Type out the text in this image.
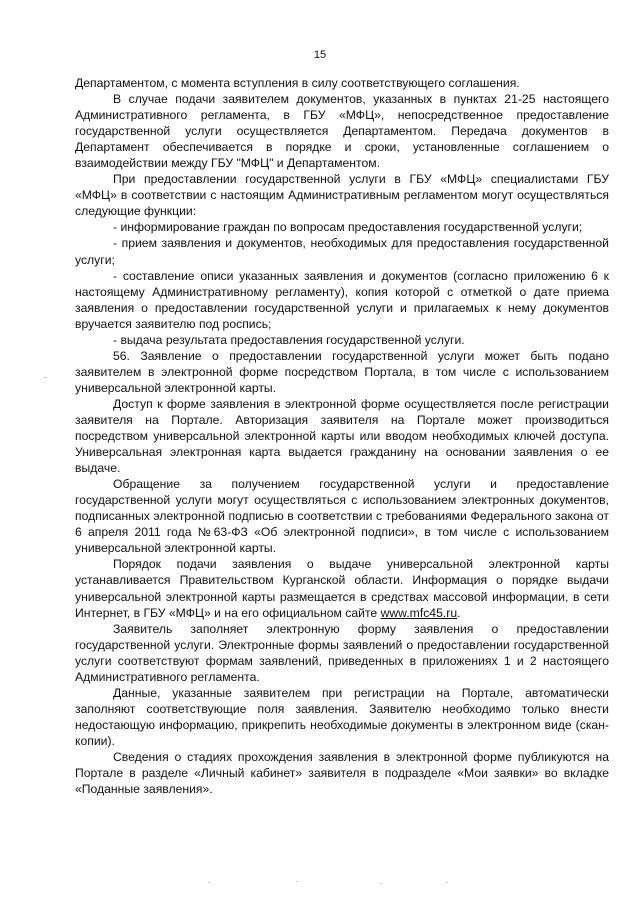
15

Департаментом, с момента вступления в силу соответствующего соглашения.

В случае подачи заявителем документов, указанных в пунктах 21-25 настоящего Административного регламента, в ГБУ «МФЦ», непосредственное предоставление государственной услуги осуществляется Департаментом. Передача документов в Департамент обеспечивается в порядке и сроки, установленные соглашением о взаимодействии между ГБУ "МФЦ" и Департаментом.

При предоставлении государственной услуги в ГБУ «МФЦ» специалистами ГБУ «МФЦ» в соответствии с настоящим Административным регламентом могут осуществляться следующие функции:

- информирование граждан по вопросам предоставления государственной услуги;

- прием заявления и документов, необходимых для предоставления государственной услуги;

- составление описи указанных заявления и документов (согласно приложению 6 к настоящему Административному регламенту), копия которой с отметкой о дате приема заявления о предоставлении государственной услуги и прилагаемых к нему документов вручается заявителю под роспись;

- выдача результата предоставления государственной услуги.

56. Заявление о предоставлении государственной услуги может быть подано заявителем в электронной форме посредством Портала, в том числе с использованием универсальной электронной карты.

Доступ к форме заявления в электронной форме осуществляется после регистрации заявителя на Портале. Авторизация заявителя на Портале может производиться посредством универсальной электронной карты или вводом необходимых ключей доступа. Универсальная электронная карта выдается гражданину на основании заявления о ее выдаче.

Обращение за получением государственной услуги и предоставление государственной услуги могут осуществляться с использованием электронных документов, подписанных электронной подписью в соответствии с требованиями Федерального закона от 6 апреля 2011 года №63-ФЗ «Об электронной подписи», в том числе с использованием универсальной электронной карты.

Порядок подачи заявления о выдаче универсальной электронной карты устанавливается Правительством Курганской области. Информация о порядке выдачи универсальной электронной карты размещается в средствах массовой информации, в сети Интернет, в ГБУ «МФЦ» и на его официальном сайте www.mfc45.ru.

Заявитель заполняет электронную форму заявления о предоставлении государственной услуги. Электронные формы заявлений о предоставлении государственной услуги соответствуют формам заявлений, приведенных в приложениях 1 и 2 настоящего Административного регламента.

Данные, указанные заявителем при регистрации на Портале, автоматически заполняют соответствующие поля заявления. Заявителю необходимо только внести недостающую информацию, прикрепить необходимые документы в электронном виде (скан-копии).

Сведения о стадиях прохождения заявления в электронной форме публикуются на Портале в разделе «Личный кабинет» заявителя в подразделе «Мои заявки» во вкладке «Поданные заявления».
